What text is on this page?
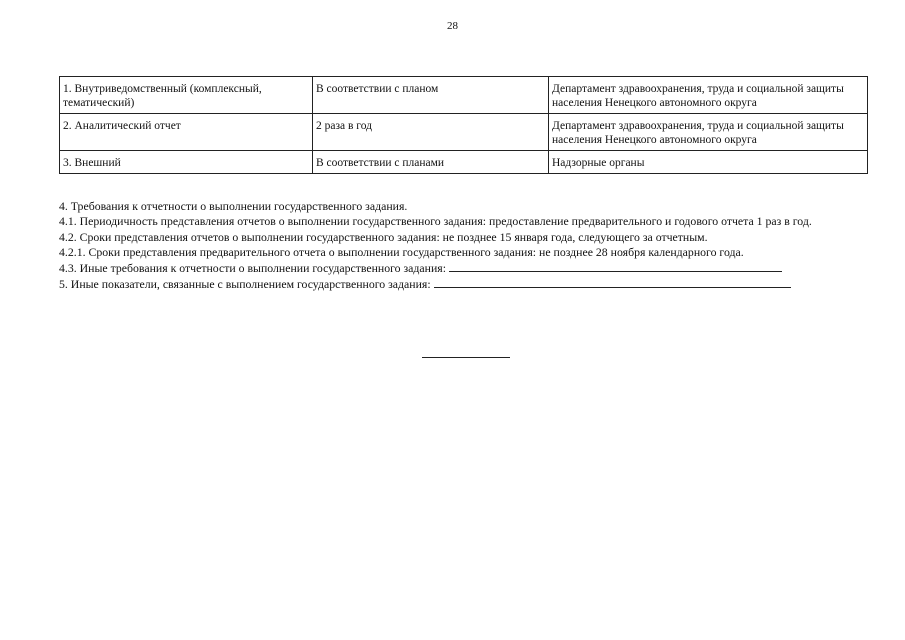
28
1. Внутриведомственный (комплексный, тематический)	В соответствии с планом	Департамент здравоохранения, труда и социальной защиты населения Ненецкого автономного округа
2. Аналитический отчет	2 раза в год	Департамент здравоохранения, труда и социальной защиты населения Ненецкого автономного округа
3. Внешний	В соответствии с планами	Надзорные органы

4. Требования к отчетности о выполнении государственного задания.

4.1. Периодичность представления отчетов о выполнении государственного задания: предоставление предварительного и годового отчета 1 раз в год.

4.2. Сроки представления отчетов о выполнении государственного задания: не позднее 15 января года, следующего за отчетным.

4.2.1. Сроки представления предварительного отчета о выполнении государственного задания: не позднее 28 ноября календарного года.

4.3. Иные требования к отчетности о выполнении государственного задания:

5. Иные показатели, связанные с выполнением государственного задания:
